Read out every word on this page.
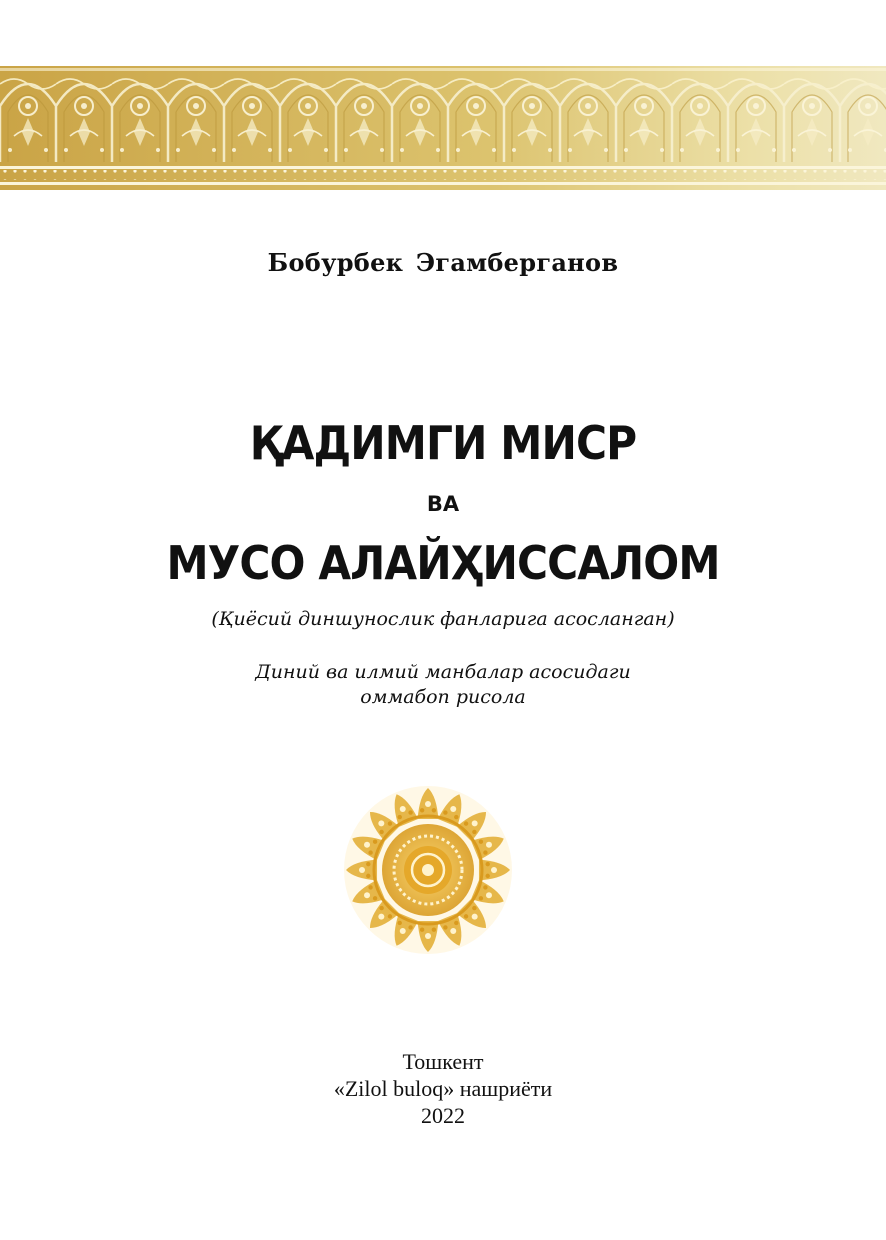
Бобурбек Эгамберганов
ҚАДИМГИ МИСР
ВА
МУСО АЛАЙҲИССАЛОМ
(Қиёсий диншунослик фанларига асосланган)
Диний ва илмий манбалар асосидаги
оммабоп рисола
Тошкент
«Zilol buloq» нашриёти
2022
